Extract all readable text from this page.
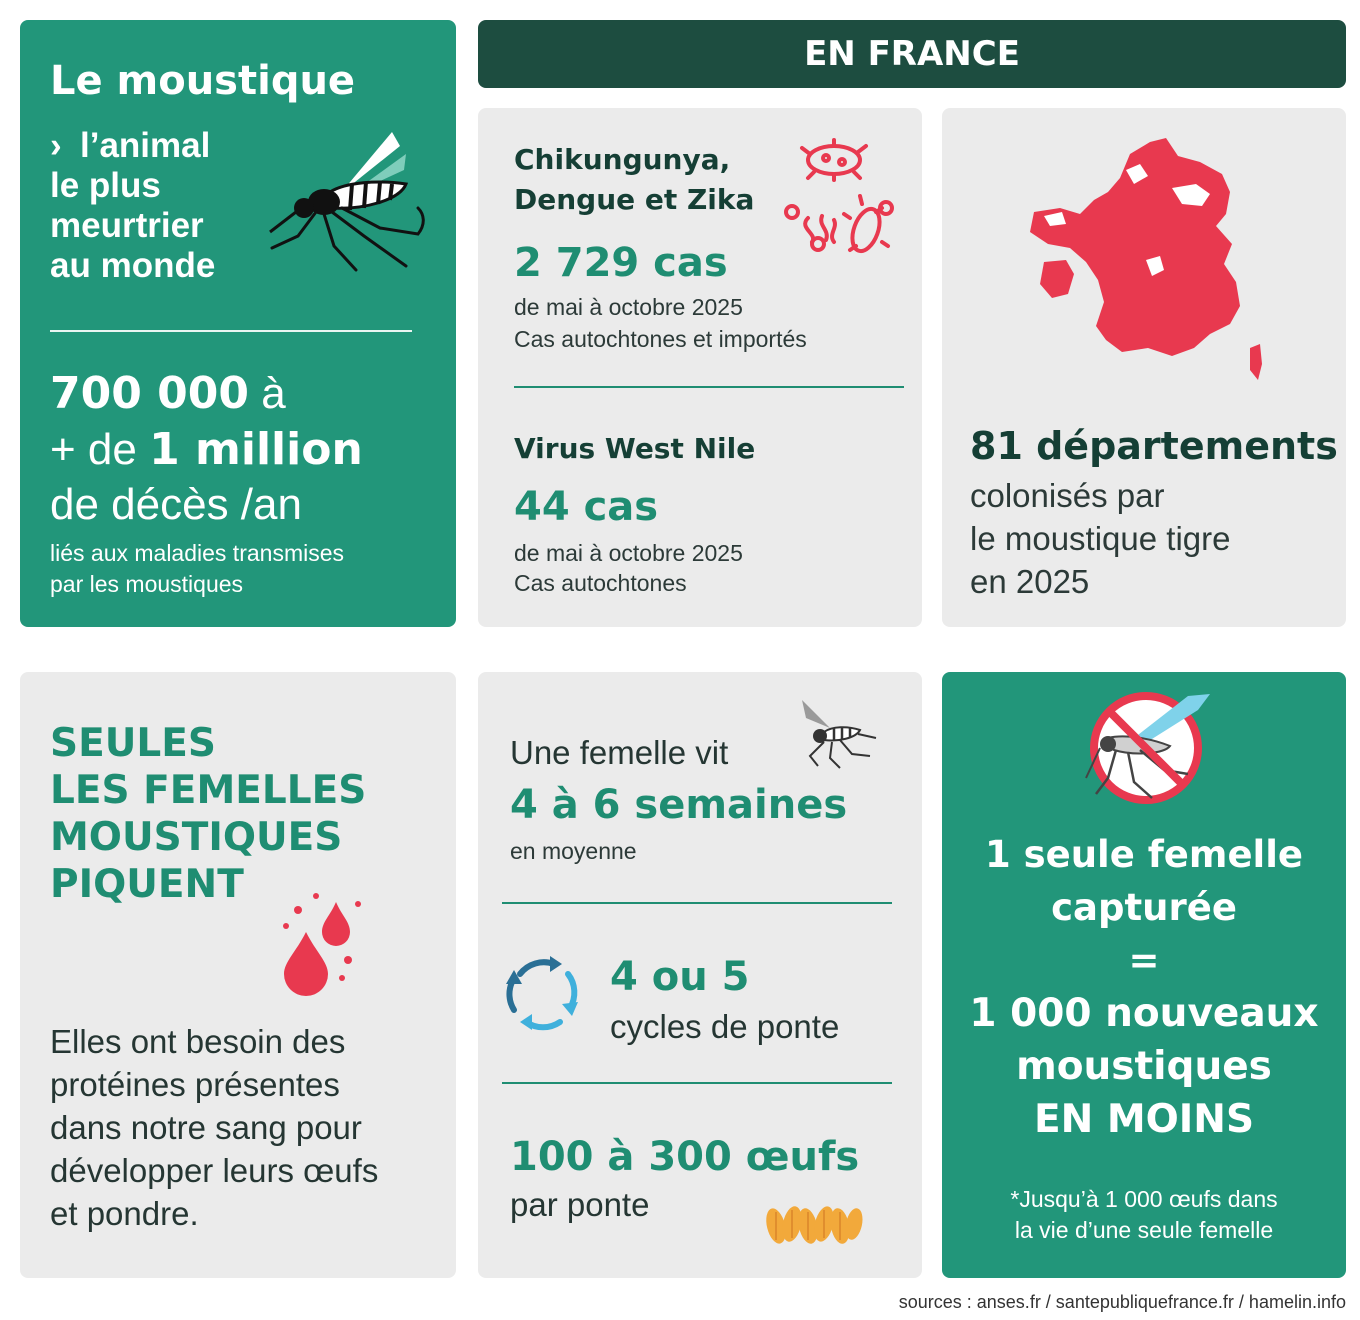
Le moustique
› l’animal
le plus
meurtrier
au monde
700 000 à
+ de 1 million
de décès /an
liés aux maladies transmises
par les moustiques
EN FRANCE
Chikungunya,
Dengue et Zika
2 729 cas
de mai à octobre 2025
Cas autochtones et importés
Virus West Nile
44 cas
de mai à octobre 2025
Cas autochtones
81 départements
colonisés par
le moustique tigre
en 2025
SEULES
LES FEMELLES
MOUSTIQUES
PIQUENT
Elles ont besoin des
protéines présentes
dans notre sang pour
développer leurs œufs
et pondre.
Une femelle vit
4 à 6 semaines
en moyenne
4 ou 5
cycles de ponte
100 à 300 œufs
par ponte
1 seule femelle
capturée
=
1 000 nouveaux
moustiques
EN MOINS
*Jusqu’à 1 000 œufs dans
la vie d’une seule femelle
sources : anses.fr / santepubliquefrance.fr / hamelin.info
